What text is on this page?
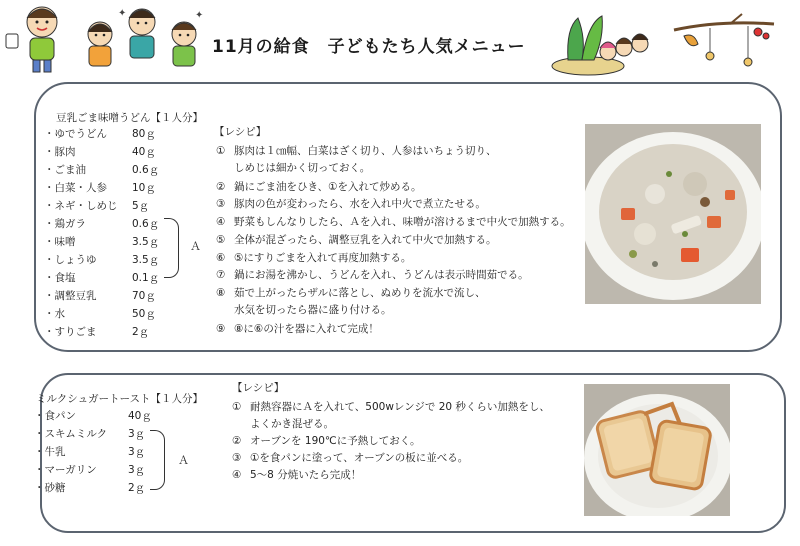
✦	✦
11月の給食　子どもたち人気メニュー
豆乳ごま味噌うどん【１人分】
・ゆでうどん 80ｇ
・豚肉	40ｇ
・ごま油	0.6ｇ
・白菜・人参 10ｇ
・ネギ・しめじ 5ｇ
・鶏ガラ	0.6ｇ
・味噌	3.5ｇ
・しょうゆ	3.5ｇ
・食塩	0.1ｇ
・調整豆乳	70ｇ
・水	50ｇ
・すりごま	2ｇ
Ａ
【レシピ】
① 豚肉は１㎝幅、白菜はざく切り、人参はいちょう切り、
しめじは細かく切っておく。
② 鍋にごま油をひき、①を入れて炒める。
③ 豚肉の色が変わったら、水を入れ中火で煮立たせる。
④ 野菜もしんなりしたら、Ａを入れ、味噌が溶けるまで中火で加熱する。
⑤ 全体が混ざったら、調整豆乳を入れて中火で加熱する。
⑥ ⑤にすりごまを入れて再度加熱する。
⑦ 鍋にお湯を沸かし、うどんを入れ、うどんは表示時間茹でる。
⑧ 茹で上がったらザルに落とし、ぬめりを流水で流し、
水気を切ったら器に盛り付ける。
⑨ ⑧に⑥の汁を器に入れて完成！
ミルクシュガートースト【１人分】
・食パン	40ｇ
・スキムミルク 3ｇ
・牛乳	3ｇ
・マーガリン	3ｇ
・砂糖	2ｇ
Ａ
【レシピ】
① 耐熱容器にＡを入れて、500wレンジで 20 秒くらい加熱をし、
よくかき混ぜる。
② オーブンを 190℃に予熱しておく。
③ ①を食パンに塗って、オーブンの板に並べる。
④ 5～8 分焼いたら完成！
